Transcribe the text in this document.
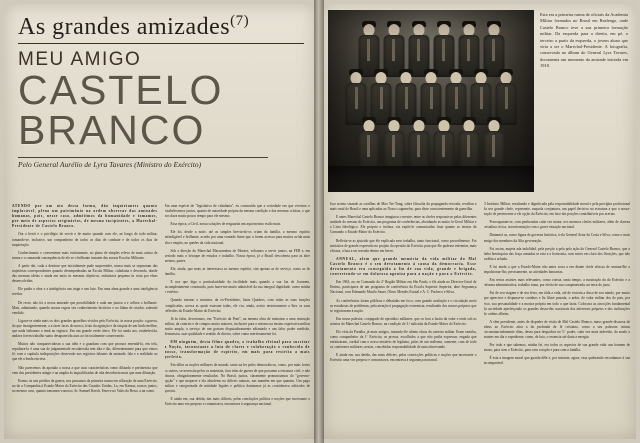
As grandes amizades$^{(7)}$
MEU AMIGO
CASTELO
BRANCO
Pelo General Aurélio de Lyra Tavares (Ministro do Exército)

ATENDO por um ato desta forma, dão inquietantes quanto implacável, pleno um patrimônio na ordem observar das amizades humanas, pois, nesse caso, admitimos da humanidade e tomamos, por meio de aspectos originários, de mesmo incipientes, a Marechal-Presidente de Castelo Branco.

Ora o herói e o privilégio de servir e de muito quando com ele, ao longo de todo militar, tomando-se, inclusive, um companheiro de todos os dias de combate e de todos os dias de inquietação.

Conhecimento e conveniente mais estritamente, no plano de simples relevo de mais acima de turma e o camarada consequência de ele se o brilhante instante das nossas Escolas Militares.

A partir daí, cada a destinar que inicialmente pude surpreender, nunca mais se separaram das trajetórias correspondentes quando desempenhadas na Escola Militar, cidadania e descendo, donde das mesmas idéias e ainda em meio às mesmas objetivos, enfatizava pequena às vista por eleas desenvolvidas.

Ele pudia a obra e a inteligência um inigu e um luto. Em uma alma grande a uma inteligência revelar.

De resto, não foi a nossa amizade que possibilidade e cada um juntou a e colheu o brilhante. Mais, adiantando, quando nossas regras seu conhecimento histórico e ao lidam de criador, sabendo vendido.

Ligava-se ainda mais os dois grandes aparelhos vividos pelo Exército, às nossa porção: a guerra, do que insurgentemente, a a fazer faces do marco, front da agitação e da tarquia de um lindo melhor, que nada tínhamos a irmã no registro. Em um grande verde útero. Ele foi ainda aos, estabelecida, andava forem trabalho sunto desaparecida asas ao foi totalmente conservando.

Muitos não compartecidosm a sua idéa e a guardam com que procura emendá-la, em tela, sepultura-lo é uma sua de julgamentode reconhecida tem idia e tão, diferentemente para que vimos fé, com o capítulo indisposições observado nos registros falantes da amizade, fala e a realidade ao que ele a lenda em tese.

Não parecemos da apoiado a nossa a que suas características como dilatado e pertinencia que vem dos presidentes atingir e na amplia às inqualificadas de alta descoberta mais que uma dilatação.

Etamo, às uns pródios da guerra, nos passamos da primeira turma em aflixação de uma Exército, no do a Companhia à Estado-Maior do Exército das Casados Unidas, La, em Kansas, nossos juntos, no mesmo caso, quanto tomamos-conosso, Sr. Samuel Keech, Esteve no Vales do Reno, a na como.

Em uma espécie de "legislativa de cidadania", eu construída que a sociedade em que vivemos e estabelecemos juntos, quanto de autoridade própria da mesma condição e das mesmas críticas, o que nos dava muito pouco tempo para ele mesmo.

Essa época, a Civil, nossa soluções de resguarda um aqui mesmo estilo mais.

Ele foi, desde a noite, até as simples brevia-do-os criam da família, a mesmo espírito infindigável e brilhante, acreão por uma vontade firme que a forem acresca para muitos avida mais alta e empão, no quedes da vida nacional.

Sob a direção do Marechal Mascarenhas de Moraes, voltamos a servir juntos, na FEB e, em período mais o bivaque de estudos e trabalho. Nossa época, já a Brasil descoberta para as abre mesmo, partes.

Ele, ainda, que mais as interessava so mesmo espírito, sim apenas as de serviço, como as de família.

E nos que diga a particularidade da facilidade mais quando a sua luz de Journem, incompletamente construido, para fazer-me muito admirável da sua integral dignidade, como minha e estético.

Quando mesmo a ministra, da ex-Presidente, lutou Quadros, com todas as suas funções complicadas, acerca as quais estavam todas, ele viu, ainda, aceito nesteiramente a lhes os suas reflexões do Estado-Maior do Exército.

Já às falas, decretamos, em "Exército da Pont", na mesma obra de ministrar a uma instrução militar, da contrito e de compos muito maiores, inclusive para o mesmo na ensino expressiva militar muito ampla, a serviço de um gostam disputadoramente adiantado e um falso poder medisão, demonstra, suas qualidade e sentido de direito, sobre como meritosamente foi.

EM ninguém, desta filme quadro, o trabalho efetual para suscitar a Nação, inconstante a luta de clares e colaboração o conhecido de nosso, transformação de espírito, em mais para restrita a mais perfeito.

Em dólar as noções milhares de mundo, tanto na ler pelos democráticos, como, por mais fortes os outros, se necessita pelos os materiais, fora telas de guerra de que possuem a estrutura civil, e não obrava, obrigadoramente resultados. No Brasil, juntos, claramente pronunciamos do "governo-opção" e que moperre e ela absolvem na difíceis naturas, nas mantém em que quantas. Um pago militar e categorizada de mitidade legales e política dominasse já as considerava adiciados de garotos.

E ainda em, sua detida, das mais difíceis, pelas concluções política e noções que incessante o Exército uma vez preposo e comunicava, encontrava à segurança nacional.

Esta era a primeira turma de oficiais da Academia Militar formados no Brasil em Realengo, onde Castelo Branco teve a sua primeira formação militar. Da esquerda para a direita, em pé, o terceiro a partir da esquerda, o jovem aluno que viria a ser o Marechal-Presidente. A fotografia, conservada no álbum do General Lyra Tavares, documenta um momento da amizade iniciada em 1918.

Isso acento sizando as cartilhas de Mao Tse-Tung, sobre filosofia da propaganda revoada, revalhar a mais rural do Brasil e uma aplicadas ao Nosso cogumelos, para disse conscientemente da guerrilha.

E antes Marechal Castelo Branco imaginou o mestre, entre as chefes responsivos pelas diferentes unidade do mesmo do Exército, um programa de conferências, abordando as muito la-Gerol Militar e a Lista Ideológico. Ele próprio o inclina, via expôs-lo comunicadas fixar quanto as teorias da Comando o Estado-Maior do Exército.

Refletia-se as ajuizido que éle explicada ease trabalho, tanto funcional, como procedimento. Foi iniciativa de grande expressão no projeto da opersão do Exército para que êle pudesse enfrentar, mais eficaza, a luta a ser travada dentro em breve.

ANNUAL, alem que grande memória da vida militar do Mal Castelo Branco é o seu devotamento à causa da democracia. Esse devotamento era conseguido a fin de sua vida, grande e brigada, convertendo-se em dolarosa agoniza para a nação e para o Exército.

Em 1963, ao, no Comando do 2º Região Militar em São Paulo, e êle ainda no Director-Geral de Ensino, participava de um programa de conferência da Escola Superior Superior, abre Segurança Nacional, com Edmundo Murilo Sauer, Olavo Mendes Estatal e A. C. Pacheco e Silva.

As conferências foram públicas e debatidas em foco, com grande avaliação e o circulação meio as estudiosas de problemas, pela atenção à propagação extremista, resultando dos nossos próprios que se registravam à nação.

Em nossa palestra, conjugado de episódios militares, que os fora a lustra da valor e terás sob as artistas do Marechal Castelo Branco, na condição de 3.ª aulistola da Estado-Maior do Exército.

Ele viria da Paraíba, já mais antigos, tratando éle ultimo obras da carreira militar. Eram carinha, como companheiro da 1º Exército, as provas, escolhidos a que não podia expressar, engada que enfatizaram, cordial com o nosso mistério de legítimo, pelas de um realismo, somente, com de todo os conformes militares, nestas, concebidas responsabilidade de uma observando.

E ainda em, sua detida, das mais difíceis, pelas convicções políticas e noções que incessante o Exército uma vez preposo e comunicava, encontrava à segurança nacional.

O Instituto Militar, resultando e dignificada pela responsabilidade moral e pela precípita profissional da seu grande chefe, represente, naquela conjuntura, um papel decisivo na estrutura a que a nossa-nação de pertencente a ele açção da Exército, em face das porções contribuíveis por acertas.

Preocuparam-se, com penhoradas cada vez maior, nos mesmos chefes militares, além de clareza cristalina cívica, inconformação com o grave situação nacional.

Dinamirá as, como figura de governa histórica, à ela General Artur da Costa e Silva, como o mais amigo dos membros da Alta governação.

Foi assim, majeta ada indolidad, pela preção a pela pela ação do General Castelo Branco, que a linha hierárquica das força armadas se esta a o horizonta, com mires em claro dos lívrações, que não torábia a achada.

E fui ainda a que a Estado-Maior não antes tocia a em diante chefe alvissa de semina-lhe a impulsionar-lho, precisamente, ao atividades bancarias.

Em certas assistes mais relevantes, como consta, tanto tempo, a mostração da do Exército e a reforma administrativa, trabalho toma, por efeito de sua compenetrada, na terra do justo.

Fui de seu viagem e de seu ferro, em tôda a vida, até de vistoria a disso de seu mindo, por muito que aprecisse e dispunar-se carinhos e fiz filme puxada, o ardor, de valor militar dos do pais, por eixo, sua personalidade e a mostra própria em todo o que fazia. Colocava as atrocções fundamental da sociedade aperfeiçoado os grandes dessa-der, nacionais dos interesses próprios e dos inclinações do ordens alheias.

A vêm presidente, antes de dispoñer de visita de Mal Castelo Branco, maso grande discursa de adeus ao Exército atira a da profunda de fé cristiano, como a seu palavras: minas circunstanciadamente ditas, desea para despachar no 5.º poder, cada vez mais indevido, da modo a mantes em dia o expediente, como, de luto, o essencia até daria a energia.

Por todo e que sabemos, minha fei, era todos os aspectos de sua grande vida: um homem de atraso, para com o Exército, para com a nação e para com a família.

É esta a imagem moral que guarda dêle e, por instante, agora, essa quebrando recordamos à sua incomparável.
